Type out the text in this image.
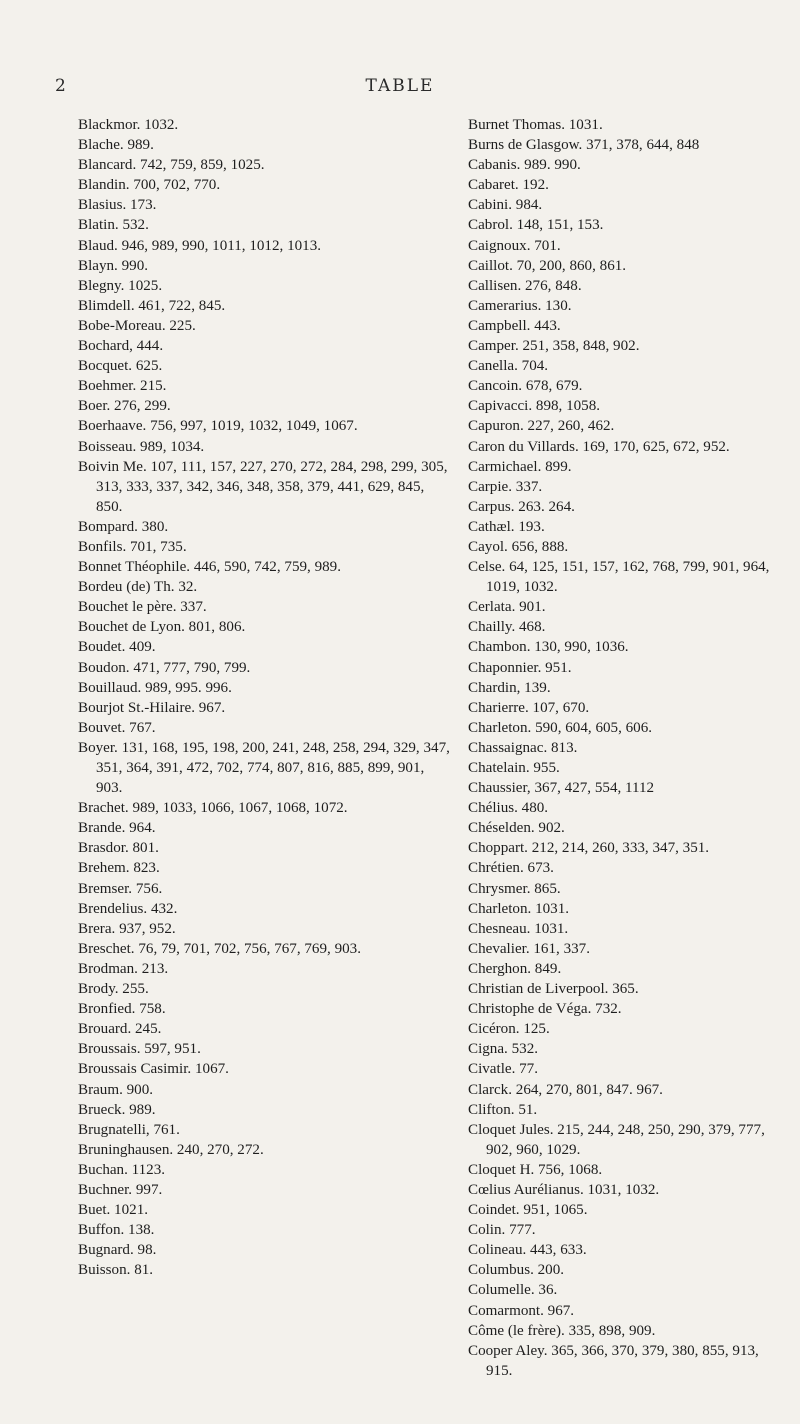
2	TABLE
Blackmor. 1032.
Blache. 989.
Blancard. 742, 759, 859, 1025.
Blandin. 700, 702, 770.
Blasius. 173.
Blatin. 532.
Blaud. 946, 989, 990, 1011, 1012, 1013.
Blayn. 990.
Blegny. 1025.
Blimdell. 461, 722, 845.
Bobe-Moreau. 225.
Bochard, 444.
Bocquet. 625.
Boehmer. 215.
Boer. 276, 299.
Boerhaave. 756, 997, 1019, 1032, 1049, 1067.
Boisseau. 989, 1034.
Boivin Me. 107, 111, 157, 227, 270, 272, 284, 298, 299, 305, 313, 333, 337, 342, 346, 348, 358, 379, 441, 629, 845, 850.
Bompard. 380.
Bonfils. 701, 735.
Bonnet Théophile. 446, 590, 742, 759, 989.
Bordeu (de) Th. 32.
Bouchet le père. 337.
Bouchet de Lyon. 801, 806.
Boudet. 409.
Boudon. 471, 777, 790, 799.
Bouillaud. 989, 995. 996.
Bourjot St.-Hilaire. 967.
Bouvet. 767.
Boyer. 131, 168, 195, 198, 200, 241, 248, 258, 294, 329, 347, 351, 364, 391, 472, 702, 774, 807, 816, 885, 899, 901, 903.
Brachet. 989, 1033, 1066, 1067, 1068, 1072.
Brande. 964.
Brasdor. 801.
Brehem. 823.
Bremser. 756.
Brendelius. 432.
Brera. 937, 952.
Breschet. 76, 79, 701, 702, 756, 767, 769, 903.
Brodman. 213.
Brody. 255.
Bronfied. 758.
Brouard. 245.
Broussais. 597, 951.
Broussais Casimir. 1067.
Braum. 900.
Brueck. 989.
Brugnatelli, 761.
Bruninghausen. 240, 270, 272.
Buchan. 1123.
Buchner. 997.
Buet. 1021.
Buffon. 138.
Bugnard. 98.
Buisson. 81.
Burnet Thomas. 1031.
Burns de Glasgow. 371, 378, 644, 848
Cabanis. 989. 990.
Cabaret. 192.
Cabini. 984.
Cabrol. 148, 151, 153.
Caignoux. 701.
Caillot. 70, 200, 860, 861.
Callisen. 276, 848.
Camerarius. 130.
Campbell. 443.
Camper. 251, 358, 848, 902.
Canella. 704.
Cancoin. 678, 679.
Capivacci. 898, 1058.
Capuron. 227, 260, 462.
Caron du Villards. 169, 170, 625, 672, 952.
Carmichael. 899.
Carpie. 337.
Carpus. 263. 264.
Cathæl. 193.
Cayol. 656, 888.
Celse. 64, 125, 151, 157, 162, 768, 799, 901, 964, 1019, 1032.
Cerlata. 901.
Chailly. 468.
Chambon. 130, 990, 1036.
Chaponnier. 951.
Chardin, 139.
Charierre. 107, 670.
Charleton. 590, 604, 605, 606.
Chassaignac. 813.
Chatelain. 955.
Chaussier, 367, 427, 554, 1112
Chélius. 480.
Chéselden. 902.
Choppart. 212, 214, 260, 333, 347, 351.
Chrétien. 673.
Chrysmer. 865.
Charleton. 1031.
Chesneau. 1031.
Chevalier. 161, 337.
Cherghon. 849.
Christian de Liverpool. 365.
Christophe de Véga. 732.
Cicéron. 125.
Cigna. 532.
Civatle. 77.
Clarck. 264, 270, 801, 847. 967.
Clifton. 51.
Cloquet Jules. 215, 244, 248, 250, 290, 379, 777, 902, 960, 1029.
Cloquet H. 756, 1068.
Cœlius Aurélianus. 1031, 1032.
Coindet. 951, 1065.
Colin. 777.
Colineau. 443, 633.
Columbus. 200.
Columelle. 36.
Comarmont. 967.
Côme (le frère). 335, 898, 909.
Cooper Aley. 365, 366, 370, 379, 380, 855, 913, 915.
